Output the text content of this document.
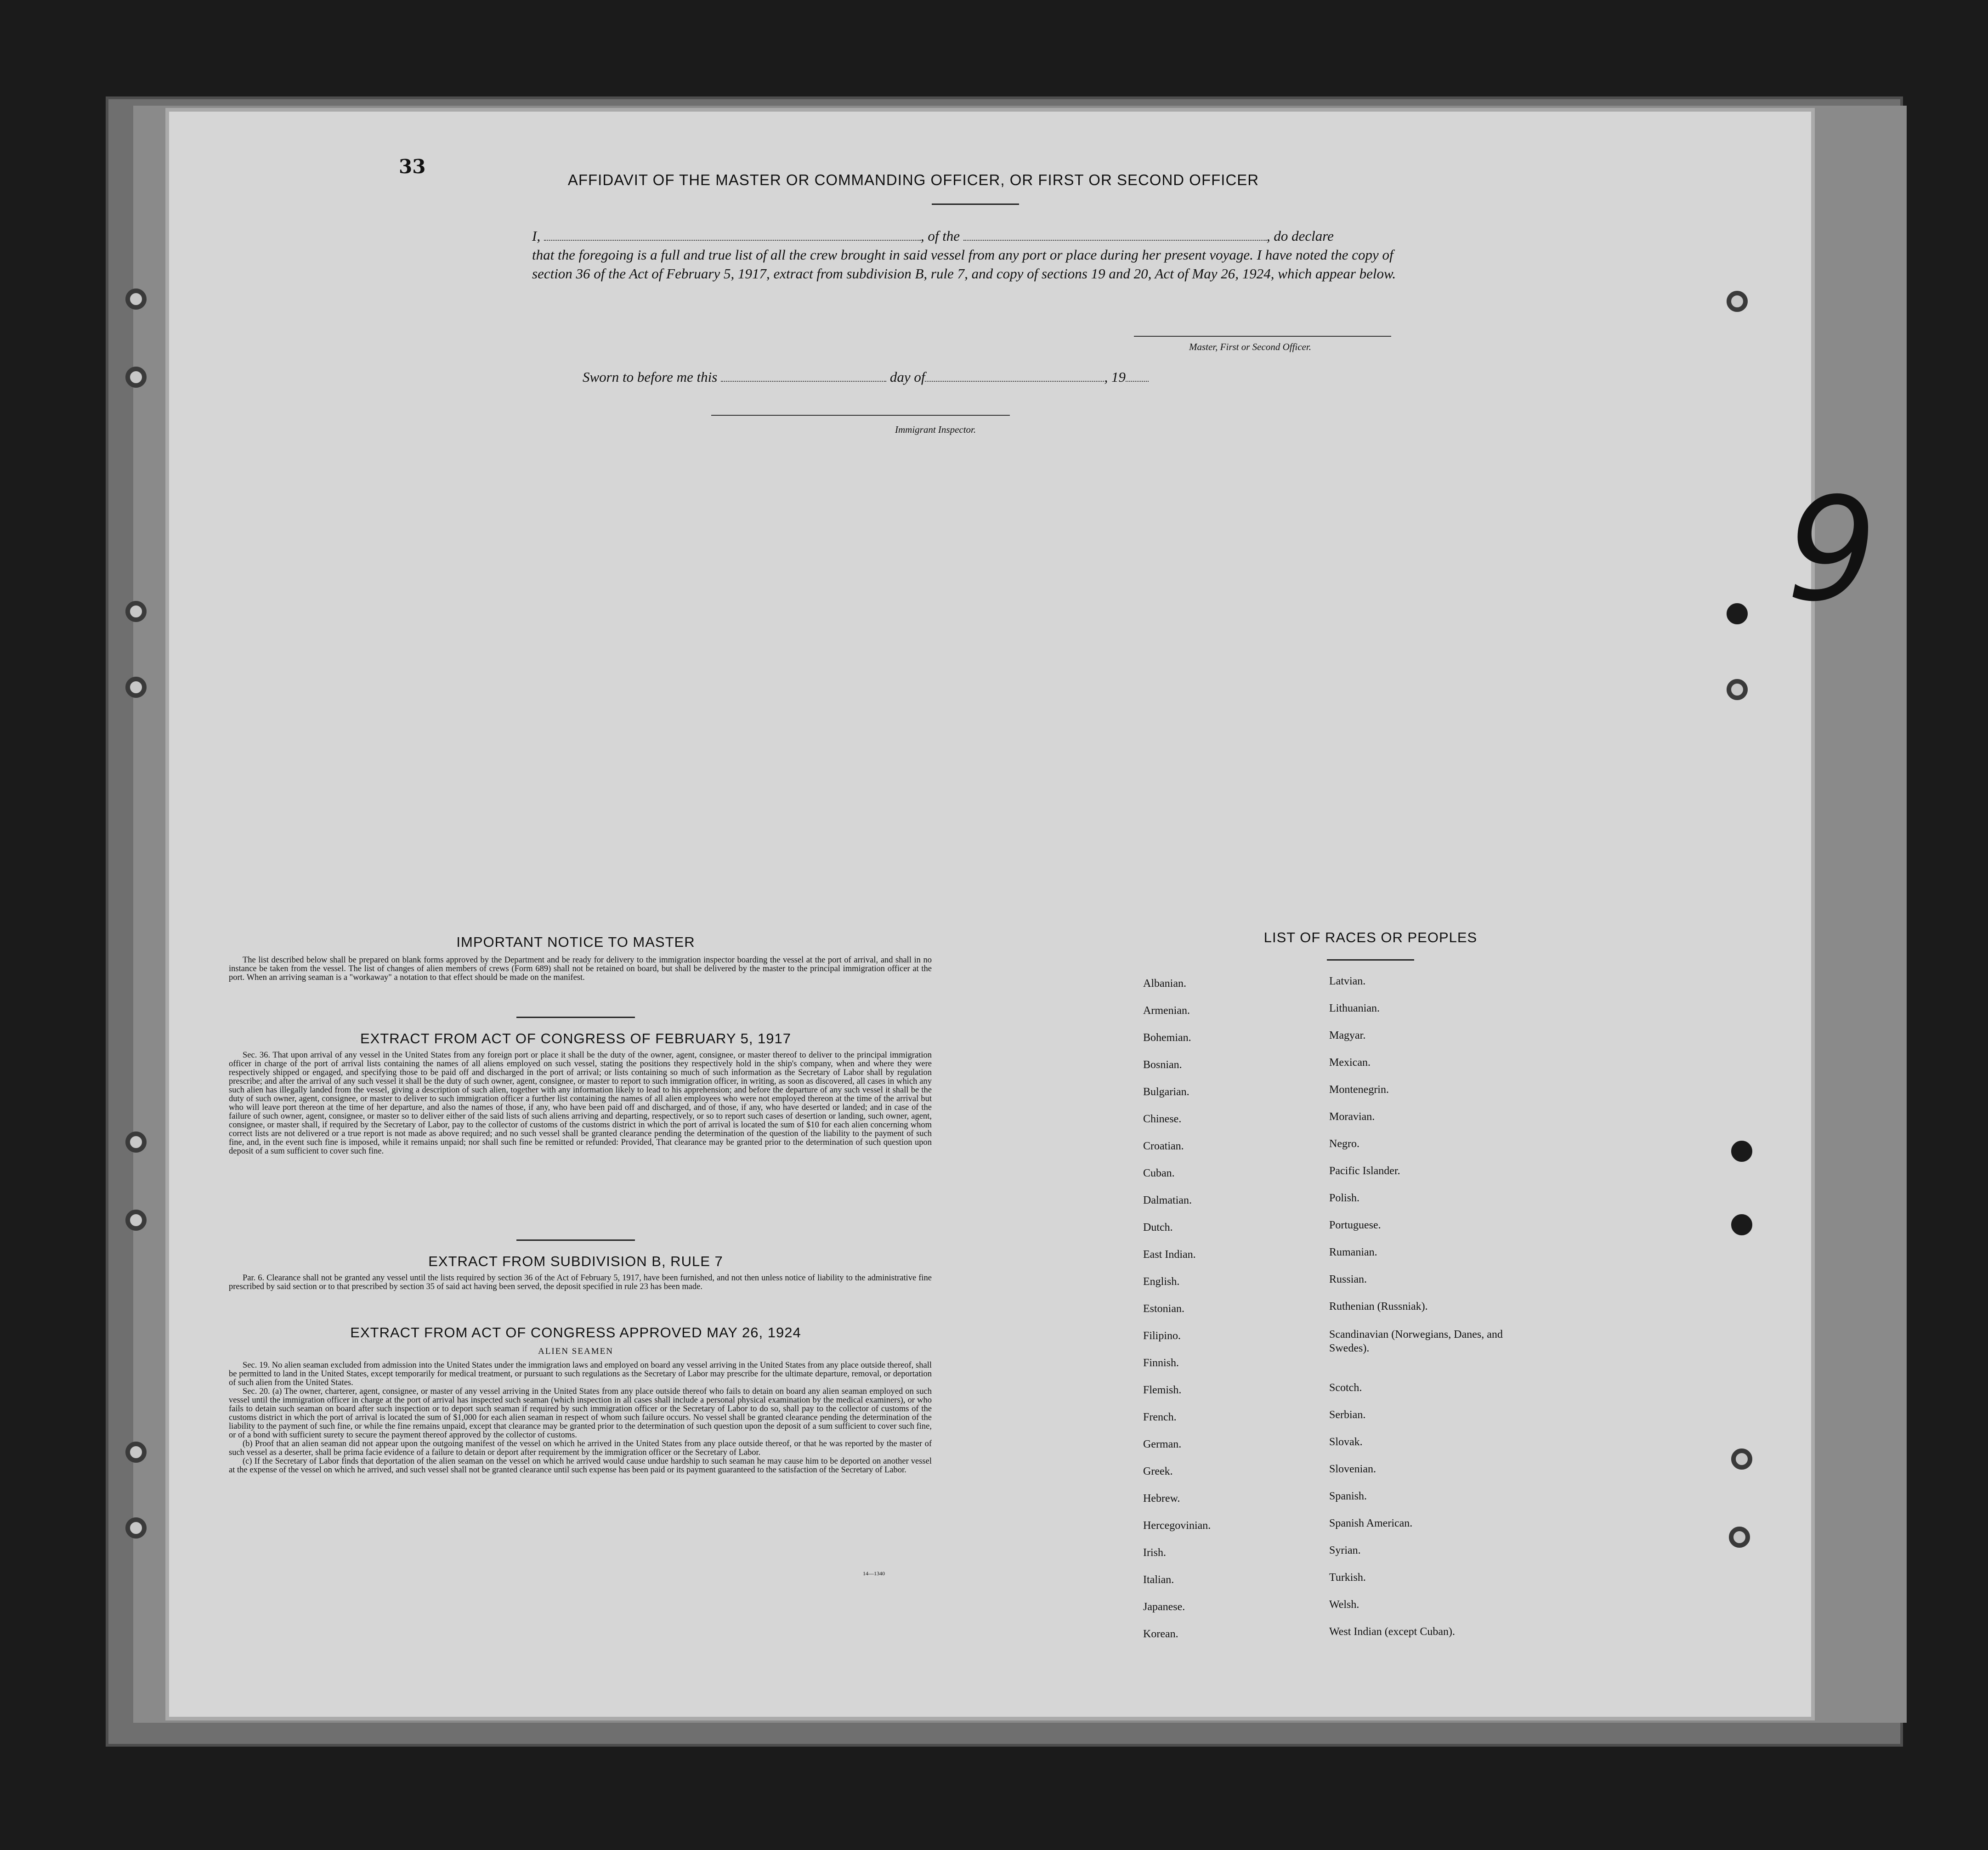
33
9
AFFIDAVIT OF THE MASTER OR COMMANDING OFFICER, OR FIRST OR SECOND OFFICER
I,	, of the	, do declare
that the foregoing is a full and true list of all the crew brought in said vessel from any port or place during her present voyage. I have noted the copy of section 36 of the Act of February 5, 1917, extract from subdivision B, rule 7, and copy of sections 19 and 20, Act of May 26, 1924, which appear below.
Master, First or Second Officer.
Sworn to before me this	day of	, 19
Immigrant Inspector.
IMPORTANT NOTICE TO MASTER

The list described below shall be prepared on blank forms approved by the Department and be ready for delivery to the immigration inspector boarding the vessel at the port of arrival, and shall in no instance be taken from the vessel. The list of changes of alien members of crews (Form 689) shall not be retained on board, but shall be delivered by the master to the principal immigration officer at the port. When an arriving seaman is a "workaway" a notation to that effect should be made on the manifest.

EXTRACT FROM ACT OF CONGRESS OF FEBRUARY 5, 1917

Sec. 36. That upon arrival of any vessel in the United States from any foreign port or place it shall be the duty of the owner, agent, consignee, or master thereof to deliver to the principal immigration officer in charge of the port of arrival lists containing the names of all aliens employed on such vessel, stating the positions they respectively hold in the ship's company, when and where they were respectively shipped or engaged, and specifying those to be paid off and discharged in the port of arrival; or lists containing so much of such information as the Secretary of Labor shall by regulation prescribe; and after the arrival of any such vessel it shall be the duty of such owner, agent, consignee, or master to report to such immigration officer, in writing, as soon as discovered, all cases in which any such alien has illegally landed from the vessel, giving a description of such alien, together with any information likely to lead to his apprehension; and before the departure of any such vessel it shall be the duty of such owner, agent, consignee, or master to deliver to such immigration officer a further list containing the names of all alien employees who were not employed thereon at the time of the arrival but who will leave port thereon at the time of her departure, and also the names of those, if any, who have been paid off and discharged, and of those, if any, who have deserted or landed; and in case of the failure of such owner, agent, consignee, or master so to deliver either of the said lists of such aliens arriving and departing, respectively, or so to report such cases of desertion or landing, such owner, agent, consignee, or master shall, if required by the Secretary of Labor, pay to the collector of customs of the customs district in which the port of arrival is located the sum of $10 for each alien concerning whom correct lists are not delivered or a true report is not made as above required; and no such vessel shall be granted clearance pending the determination of the question of the liability to the payment of such fine, and, in the event such fine is imposed, while it remains unpaid; nor shall such fine be remitted or refunded: Provided, That clearance may be granted prior to the determination of such question upon deposit of a sum sufficient to cover such fine.

EXTRACT FROM SUBDIVISION B, RULE 7

Par. 6. Clearance shall not be granted any vessel until the lists required by section 36 of the Act of February 5, 1917, have been furnished, and not then unless notice of liability to the administrative fine prescribed by said section or to that prescribed by section 35 of said act having been served, the deposit specified in rule 23 has been made.

EXTRACT FROM ACT OF CONGRESS APPROVED MAY 26, 1924
ALIEN SEAMEN

Sec. 19. No alien seaman excluded from admission into the United States under the immigration laws and employed on board any vessel arriving in the United States from any place outside thereof, shall be permitted to land in the United States, except temporarily for medical treatment, or pursuant to such regulations as the Secretary of Labor may prescribe for the ultimate departure, removal, or deportation of such alien from the United States.

Sec. 20. (a) The owner, charterer, agent, consignee, or master of any vessel arriving in the United States from any place outside thereof who fails to detain on board any alien seaman employed on such vessel until the immigration officer in charge at the port of arrival has inspected such seaman (which inspection in all cases shall include a personal physical examination by the medical examiners), or who fails to detain such seaman on board after such inspection or to deport such seaman if required by such immigration officer or the Secretary of Labor to do so, shall pay to the collector of customs of the customs district in which the port of arrival is located the sum of $1,000 for each alien seaman in respect of whom such failure occurs. No vessel shall be granted clearance pending the determination of the liability to the payment of such fine, or while the fine remains unpaid, except that clearance may be granted prior to the determination of such question upon the deposit of a sum sufficient to cover such fine, or of a bond with sufficient surety to secure the payment thereof approved by the collector of customs.

(b) Proof that an alien seaman did not appear upon the outgoing manifest of the vessel on which he arrived in the United States from any place outside thereof, or that he was reported by the master of such vessel as a deserter, shall be prima facie evidence of a failure to detain or deport after requirement by the immigration officer or the Secretary of Labor.

(c) If the Secretary of Labor finds that deportation of the alien seaman on the vessel on which he arrived would cause undue hardship to such seaman he may cause him to be deported on another vessel at the expense of the vessel on which he arrived, and such vessel shall not be granted clearance until such expense has been paid or its payment guaranteed to the satisfaction of the Secretary of Labor.

14—1340
LIST OF RACES OR PEOPLES
Albanian.
Armenian.
Bohemian.
Bosnian.
Bulgarian.
Chinese.
Croatian.
Cuban.
Dalmatian.
Dutch.
East Indian.
English.
Estonian.
Filipino.
Finnish.
Flemish.
French.
German.
Greek.
Hebrew.
Hercegovinian.
Irish.
Italian.
Japanese.
Korean.
Latvian.
Lithuanian.
Magyar.
Mexican.
Montenegrin.
Moravian.
Negro.
Pacific Islander.
Polish.
Portuguese.
Rumanian.
Russian.
Ruthenian (Russniak).
Scandinavian (Norwegians, Danes, and Swedes).
Scotch.
Serbian.
Slovak.
Slovenian.
Spanish.
Spanish American.
Syrian.
Turkish.
Welsh.
West Indian (except Cuban).
